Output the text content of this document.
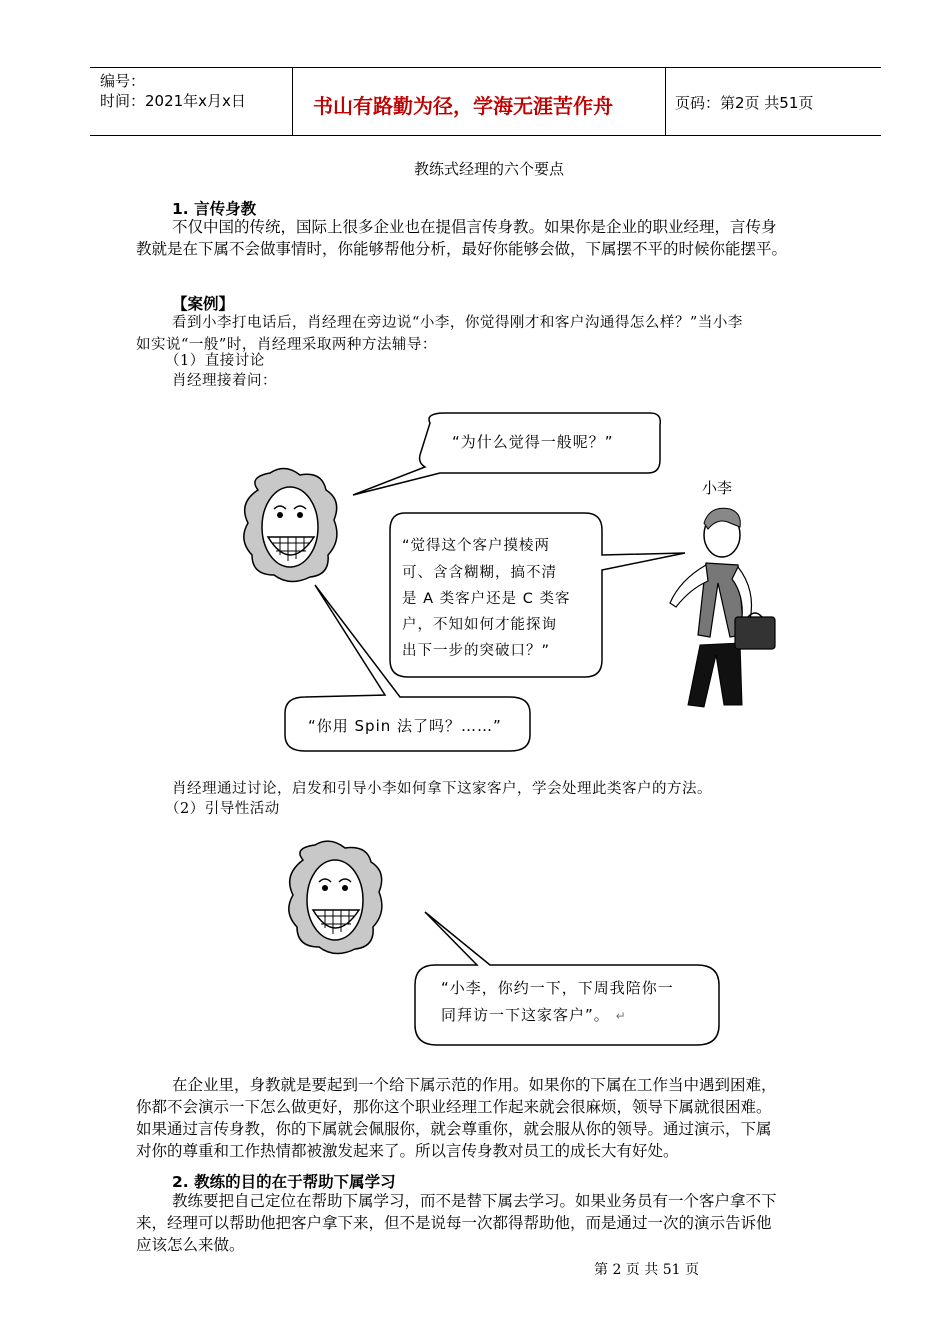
编号：
时间：2021年x月x日	书山有路勤为径，学海无涯苦作舟	页码：第2页 共51页
教练式经理的六个要点
1. 言传身教
不仅中国的传统，国际上很多企业也在提倡言传身教。如果你是企业的职业经理，言传身
教就是在下属不会做事情时，你能够帮他分析，最好你能够会做，下属摆不平的时候你能摆平。
【案例】
看到小李打电话后，肖经理在旁边说“小李，你觉得刚才和客户沟通得怎么样？”当小李
如实说“一般”时，肖经理采取两种方法辅导：
（1）直接讨论
肖经理接着问：
“为什么觉得一般呢？”
小李
“觉得这个客户摸棱两 可、含含糊糊，搞不清 是 A 类客户还是 C 类客 户，不知如何才能探询 出下一步的突破口？”
“你用 Spin 法了吗？……”
肖经理通过讨论，启发和引导小李如何拿下这家客户，学会处理此类客户的方法。
（2）引导性活动
“小李，你约一下，下周我陪你一 同拜访一下这家客户”。 ↵
在企业里，身教就是要起到一个给下属示范的作用。如果你的下属在工作当中遇到困难，
你都不会演示一下怎么做更好，那你这个职业经理工作起来就会很麻烦，领导下属就很困难。
如果通过言传身教，你的下属就会佩服你，就会尊重你，就会服从你的领导。通过演示，下属
对你的尊重和工作热情都被激发起来了。所以言传身教对员工的成长大有好处。
2. 教练的目的在于帮助下属学习
教练要把自己定位在帮助下属学习，而不是替下属去学习。如果业务员有一个客户拿不下
来，经理可以帮助他把客户拿下来，但不是说每一次都得帮助他，而是通过一次的演示告诉他
应该怎么来做。
第 2 页 共 51 页
